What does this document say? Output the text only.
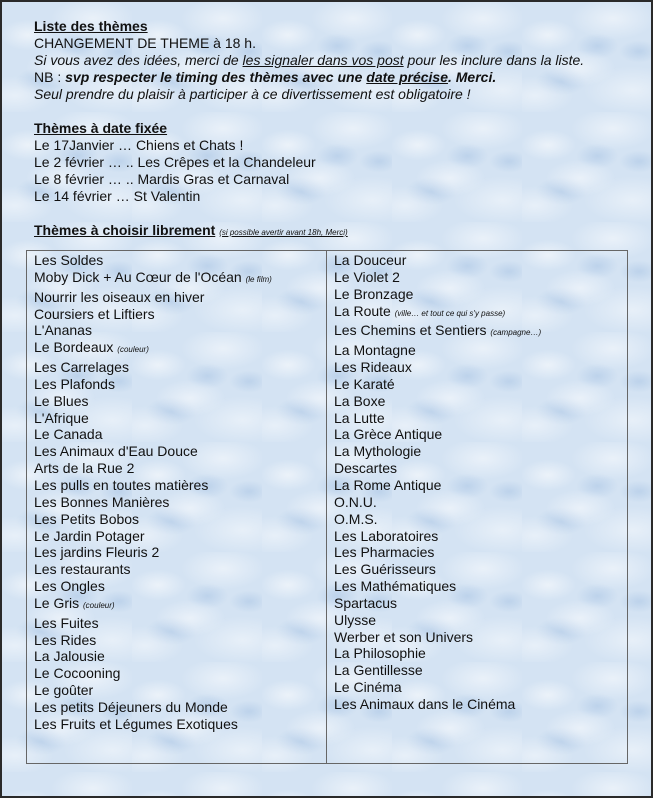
Liste des thèmes
CHANGEMENT DE THEME à 18 h.
Si vous avez des idées, merci de les signaler dans vos post pour les inclure dans la liste.
NB : svp respecter le timing des thèmes avec une date précise. Merci.
Seul prendre du plaisir à participer à ce divertissement est obligatoire !
Thèmes à date fixée
Le 17Janvier … Chiens et Chats !
Le 2 février … .. Les Crêpes et la Chandeleur
Le 8 février … .. Mardis Gras et Carnaval
Le 14 février … St Valentin
Thèmes à choisir librement (si possible avertir avant 18h, Merci)
Les Soldes
Moby Dick + Au Cœur de l'Océan (le film)
Nourrir les oiseaux en hiver
Coursiers et Liftiers
L'Ananas
Le Bordeaux (couleur)
Les Carrelages
Les Plafonds
Le Blues
L'Afrique
Le Canada
Les Animaux d'Eau Douce
Arts de la Rue 2
Les pulls en toutes matières
Les Bonnes Manières
Les Petits Bobos
Le Jardin Potager
Les jardins Fleuris 2
Les restaurants
Les Ongles
Le Gris (couleur)
Les Fuites
Les Rides
La Jalousie
Le Cocooning
Le goûter
Les petits Déjeuners du Monde
Les Fruits et Légumes Exotiques
La Douceur
Le Violet 2
Le Bronzage
La Route (ville… et tout ce qui s'y passe)
Les Chemins et Sentiers (campagne…)
La Montagne
Les Rideaux
Le Karaté
La Boxe
La Lutte
La Grèce Antique
La Mythologie
Descartes
La Rome Antique
O.N.U.
O.M.S.
Les Laboratoires
Les Pharmacies
Les Guérisseurs
Les Mathématiques
Spartacus
Ulysse
Werber et son Univers
La Philosophie
La Gentillesse
Le Cinéma
Les Animaux dans le Cinéma
